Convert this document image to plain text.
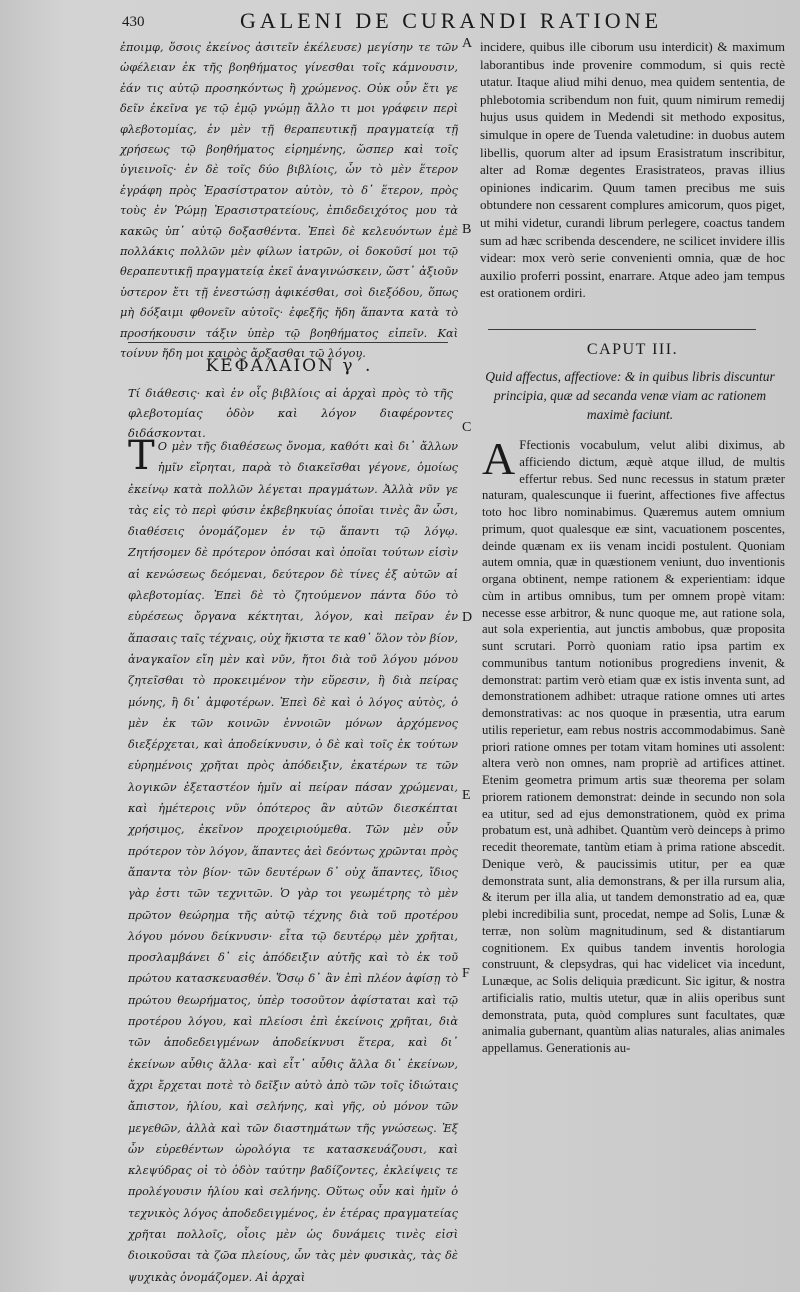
430	GALENI DE CURANDI RATIONE

ἐποιμφ, ὅσοις ἐκείνος ἀσιτεῖν ἐκέλευσε) μεγίσην τε τῶν ὠφέλειαν ἐκ τῆς βοηθήματος γίνεσθαι τοῖς κάμνουσιν, ἐάν τις αὐτῷ προσηκόντως ἢ χρώμενος. Οὐκ οὖν ἔτι γε δεῖν ἐκεῖνα γε τῷ ἐμῷ γνώμῃ ἄλλο τι μοι γράφειν περὶ φλεβοτομίας, ἐν μὲν τῇ θεραπευτικῇ πραγματείᾳ τῇ χρήσεως τῷ βοηθήματος εἰρημένης, ὥσπερ καὶ τοῖς ὑγιεινοῖς· ἐν δὲ τοῖς δύο βιβλίοις, ὧν τὸ μὲν ἕτερον ἐγράφη πρὸς Ἐρασίστρατον αὐτὸν, τὸ δ᾽ ἕτερον, πρὸς τοὺς ἐν Ῥώμῃ Ἐρασιστρατείους, ἐπιδεδειχότος μου τὰ κακῶς ὑπ᾽ αὐτῷ δοξασθέντα. Ἐπεὶ δὲ κελευόντων ἐμὲ πολλάκις πολλῶν μὲν φίλων ἰατρῶν, οἱ δοκοῦσί μοι τῷ θεραπευτικῇ πραγματείᾳ ἐκεῖ ἀναγινώσκειν, ὥστ᾽ ἀξιοῦν ὑστερον ἔτι τῇ ἐνεστώσῃ ἀφικέσθαι, σοὶ διεξόδου, ὅπως μὴ δόξαιμι φθονεῖν αὐτοῖς· ἐφεξῆς ἤδη ἅπαντα κατὰ τὸ προσήκουσιν τάξιν ὑπὲρ τῷ βοηθήματος εἰπεῖν. Καὶ τοίνυν ἤδη μοι καιρὸς ἄρξασθαι τῷ λόγου.

incidere, quibus ille ciborum usu interdicit) & maximum laborantibus inde provenire commodum, si quis rectè utatur. Itaque aliud mihi denuo, mea quidem sententia, de phlebotomia scribendum non fuit, quum nimirum remedij hujus usus quidem in Medendi sit methodo expositus, simulque in opere de Tuenda valetudine: in duobus autem libellis, quorum alter ad ipsum Erasistratum inscribitur, alter ad Romæ degentes Erasistrateos, pravas illius opiniones indicarim. Quum tamen precibus me suis obtundere non cessarent complures amicorum, quos piget, ut mihi videtur, curandi librum perlegere, coactus tandem sum ad hæc scribenda descendere, ne scilicet invidere illis videar: mox verò serie convenienti omnia, quæ de hoc auxilio proferri possint, enarrare. Atque adeo jam tempus est orationem ordiri.

A
B
C
D
E
F
ΚΕΦΑΛΑΙΟΝ γ΄.
CAPUT III.
Τί διάθεσις· καὶ ἐν οἷς βιβλίοις αἱ ἀρχαὶ πρὸς τὸ τῆς φλεβοτομίας ὁδὸν καὶ λόγον διαφέροντες διδάσκονται.
Quid affectus, affectiove: & in quibus libris discuntur principia, quæ ad secanda venæ viam ac rationem maximè faciunt.

Τ Ο μὲν τῆς διαθέσεως ὄνομα, καθότι καὶ δι᾽ ἄλλων ἡμῖν εἴρηται, παρὰ τὸ διακεῖσθαι γέγονε, ὁμοίως ἐκείνῳ κατὰ πολλῶν λέγεται πραγμάτων. Ἀλλὰ νῦν γε τὰς εἰς τὸ περὶ φύσιν ἐκβεβηκυίας ὁποῖαι τινὲς ἂν ὦσι, διαθέσεις ὀνομάζομεν ἐν τῷ ἅπαντι τῷ λόγῳ. Ζητήσομεν δὲ πρότερον ὁπόσαι καὶ ὁποῖαι τούτων εἰσὶν αἱ κενώσεως δεόμεναι, δεύτερον δὲ τίνες ἐξ αὐτῶν αἱ φλεβοτομίας. Ἐπεὶ δὲ τὸ ζητούμενον πάντα δύο τὸ εὑρέσεως ὄργανα κέκτηται, λόγον, καὶ πεῖραν ἐν ἅπασαις ταῖς τέχναις, οὐχ ἥκιστα τε καθ᾽ ὅλον τὸν βίον, ἀναγκαῖον εἴη μὲν καὶ νῦν, ἤτοι διὰ τοῦ λόγου μόνου ζητεῖσθαι τὸ προκειμένον τὴν εὕρεσιν, ἢ διὰ πείρας μόνης, ἢ δι᾽ ἀμφοτέρων. Ἐπεὶ δὲ καὶ ὁ λόγος αὐτὸς, ὁ μὲν ἐκ τῶν κοινῶν ἐννοιῶν μόνων ἀρχόμενος διεξέρχεται, καὶ ἀποδείκνυσιν, ὁ δὲ καὶ τοῖς ἐκ τούτων εὑρημένοις χρῆται πρὸς ἀπόδειξιν, ἑκατέρων τε τῶν λογικῶν ἐξεταστέον ἡμῖν αἱ πείραν πάσαν χρώμεναι, καὶ ἡμέτεροις νῦν ὁπότερος ἂν αὐτῶν διεσκέπται χρήσιμος, ἐκεῖνον προχειριούμεθα. Τῶν μὲν οὖν πρότερον τὸν λόγον, ἅπαντες ἀεὶ δεόντως χρῶνται πρὸς ἅπαντα τὸν βίον· τῶν δευτέρων δ᾽ οὐχ ἅπαντες, ἴδιος γὰρ ἐστι τῶν τεχνιτῶν. Ὁ γὰρ τοι γεωμέτρης τὸ μὲν πρῶτον θεώρημα τῆς αὐτῷ τέχνης διὰ τοῦ προτέρου λόγου μόνου δείκνυσιν· εἶτα τῷ δευτέρῳ μὲν χρῆται, προσλαμβάνει δ᾽ εἰς ἀπόδειξιν αὐτῆς καὶ τὸ ἐκ τοῦ πρώτου κατασκευασθέν. Ὅσῳ δ᾽ ἂν ἐπὶ πλέον ἀφίσῃ τὸ πρώτου θεωρήματος, ὑπὲρ τοσοῦτον ἀφίσταται καὶ τῷ προτέρου λόγου, καὶ πλείοσι ἐπὶ ἐκείνοις χρῆται, διὰ τῶν ἀποδεδειγμένων ἀποδείκνυσι ἕτερα, καὶ δι᾽ ἐκείνων αὖθις ἄλλα· καὶ εἶτ᾽ αὖθις ἄλλα δι᾽ ἐκείνων, ἄχρι ἔρχεται ποτὲ τὸ δεῖξιν αὐτὸ ἀπὸ τῶν τοῖς ἰδιώταις ἄπιστον, ἡλίου, καὶ σελήνης, καὶ γῆς, οὐ μόνον τῶν μεγεθῶν, ἀλλὰ καὶ τῶν διαστημάτων τῆς γνώσεως. Ἐξ ὧν εὑρεθέντων ὡρολόγια τε κατασκευάζουσι, καὶ κλεψύδρας οἱ τὸ ὁδὸν ταύτην βαδίζοντες, ἐκλείψεις τε προλέγουσιν ἡλίου καὶ σελήνης. Οὕτως οὖν καὶ ἡμῖν ὁ τεχνικὸς λόγος ἀποδεδειγμένος, ἐν ἑτέρας πραγματείας χρῆται πολλοῖς, οἷοις μὲν ὡς δυνάμεις τινὲς εἰσὶ διοικοῦσαι τὰ ζῶα πλείους, ὧν τὰς μὲν φυσικὰς, τὰς δὲ ψυχικὰς ὀνομάζομεν. Αἱ ἀρχαὶ

A Ffectionis vocabulum, velut alibi diximus, ab afficiendo dictum, æquè atque illud, de multis effertur rebus. Sed nunc recessus in statum præter naturam, qualescunque ii fuerint, affectiones five affectus toto hoc libro nominabimus. Quæremus autem omnium primum, quot qualesque eæ sint, vacuationem poscentes, deinde quænam ex iis venam incidi postulent. Quoniam autem omnia, quæ in quæstionem veniunt, duo inventionis organa obtinent, nempe rationem & experientiam: idque cùm in artibus omnibus, tum per omnem propè vitam: necesse esse arbitror, & nunc quoque me, aut ratione sola, aut sola experientia, aut junctis ambobus, quæ proposita sunt scrutari. Porrò quoniam ratio ipsa partim ex communibus tantum notionibus progrediens invenit, & demonstrat: partim verò etiam quæ ex istis inventa sunt, ad demonstrationem adhibet: utraque ratione omnes uti artes demonstrativas: ac nos quoque in præsentia, utra earum utilis reperietur, eam rebus nostris accommodabimus. Sanè priori ratione omnes per totam vitam homines uti assolent: altera verò non omnes, nam propriè ad artifices attinet. Etenim geometra primum artis suæ theorema per solam priorem rationem demonstrat: deinde in secundo non sola ea utitur, sed ad ejus demonstrationem, quòd ex prima probatum est, unà adhibet. Quantùm verò deinceps à primo recedit theoremate, tantùm etiam à prima ratione abscedit. Denique verò, & paucissimis utitur, per ea quæ demonstrata sunt, alia demonstrans, & per illa rursum alia, & iterum per illa alia, ut tandem demonstratio ad ea, quæ plebi incredibilia sunt, procedat, nempe ad Solis, Lunæ & terræ, non solùm magnitudinum, sed & distantiarum cognitionem. Ex quibus tandem inventis horologia construunt, & clepsydras, qui hac videlicet via incedunt, Lunæque, ac Solis deliquia prædicunt. Sic igitur, & nostra artificialis ratio, multis utetur, quæ in aliis operibus sunt demonstrata, puta, quòd complures sunt facultates, quæ animalia gubernant, quantùm alias naturales, alias animales appellamus. Generationis au-
